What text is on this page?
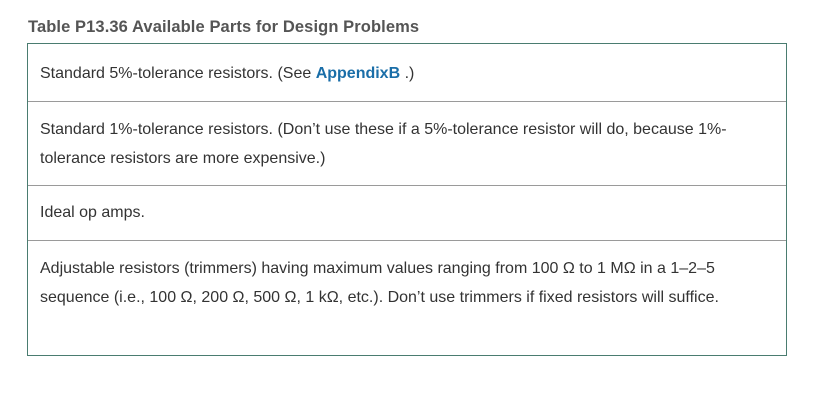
Table P13.36 Available Parts for Design Problems
Standard 5%-tolerance resistors. (See AppendixB .)
Standard 1%-tolerance resistors. (Don’t use these if a 5%-tolerance resistor will do, because 1%-tolerance resistors are more expensive.)
Ideal op amps.
Adjustable resistors (trimmers) having maximum values ranging from 100 Ω to 1 MΩ in a 1–2–5 sequence (i.e., 100 Ω, 200 Ω, 500 Ω, 1 kΩ, etc.). Don’t use trimmers if fixed resistors will suffice.
